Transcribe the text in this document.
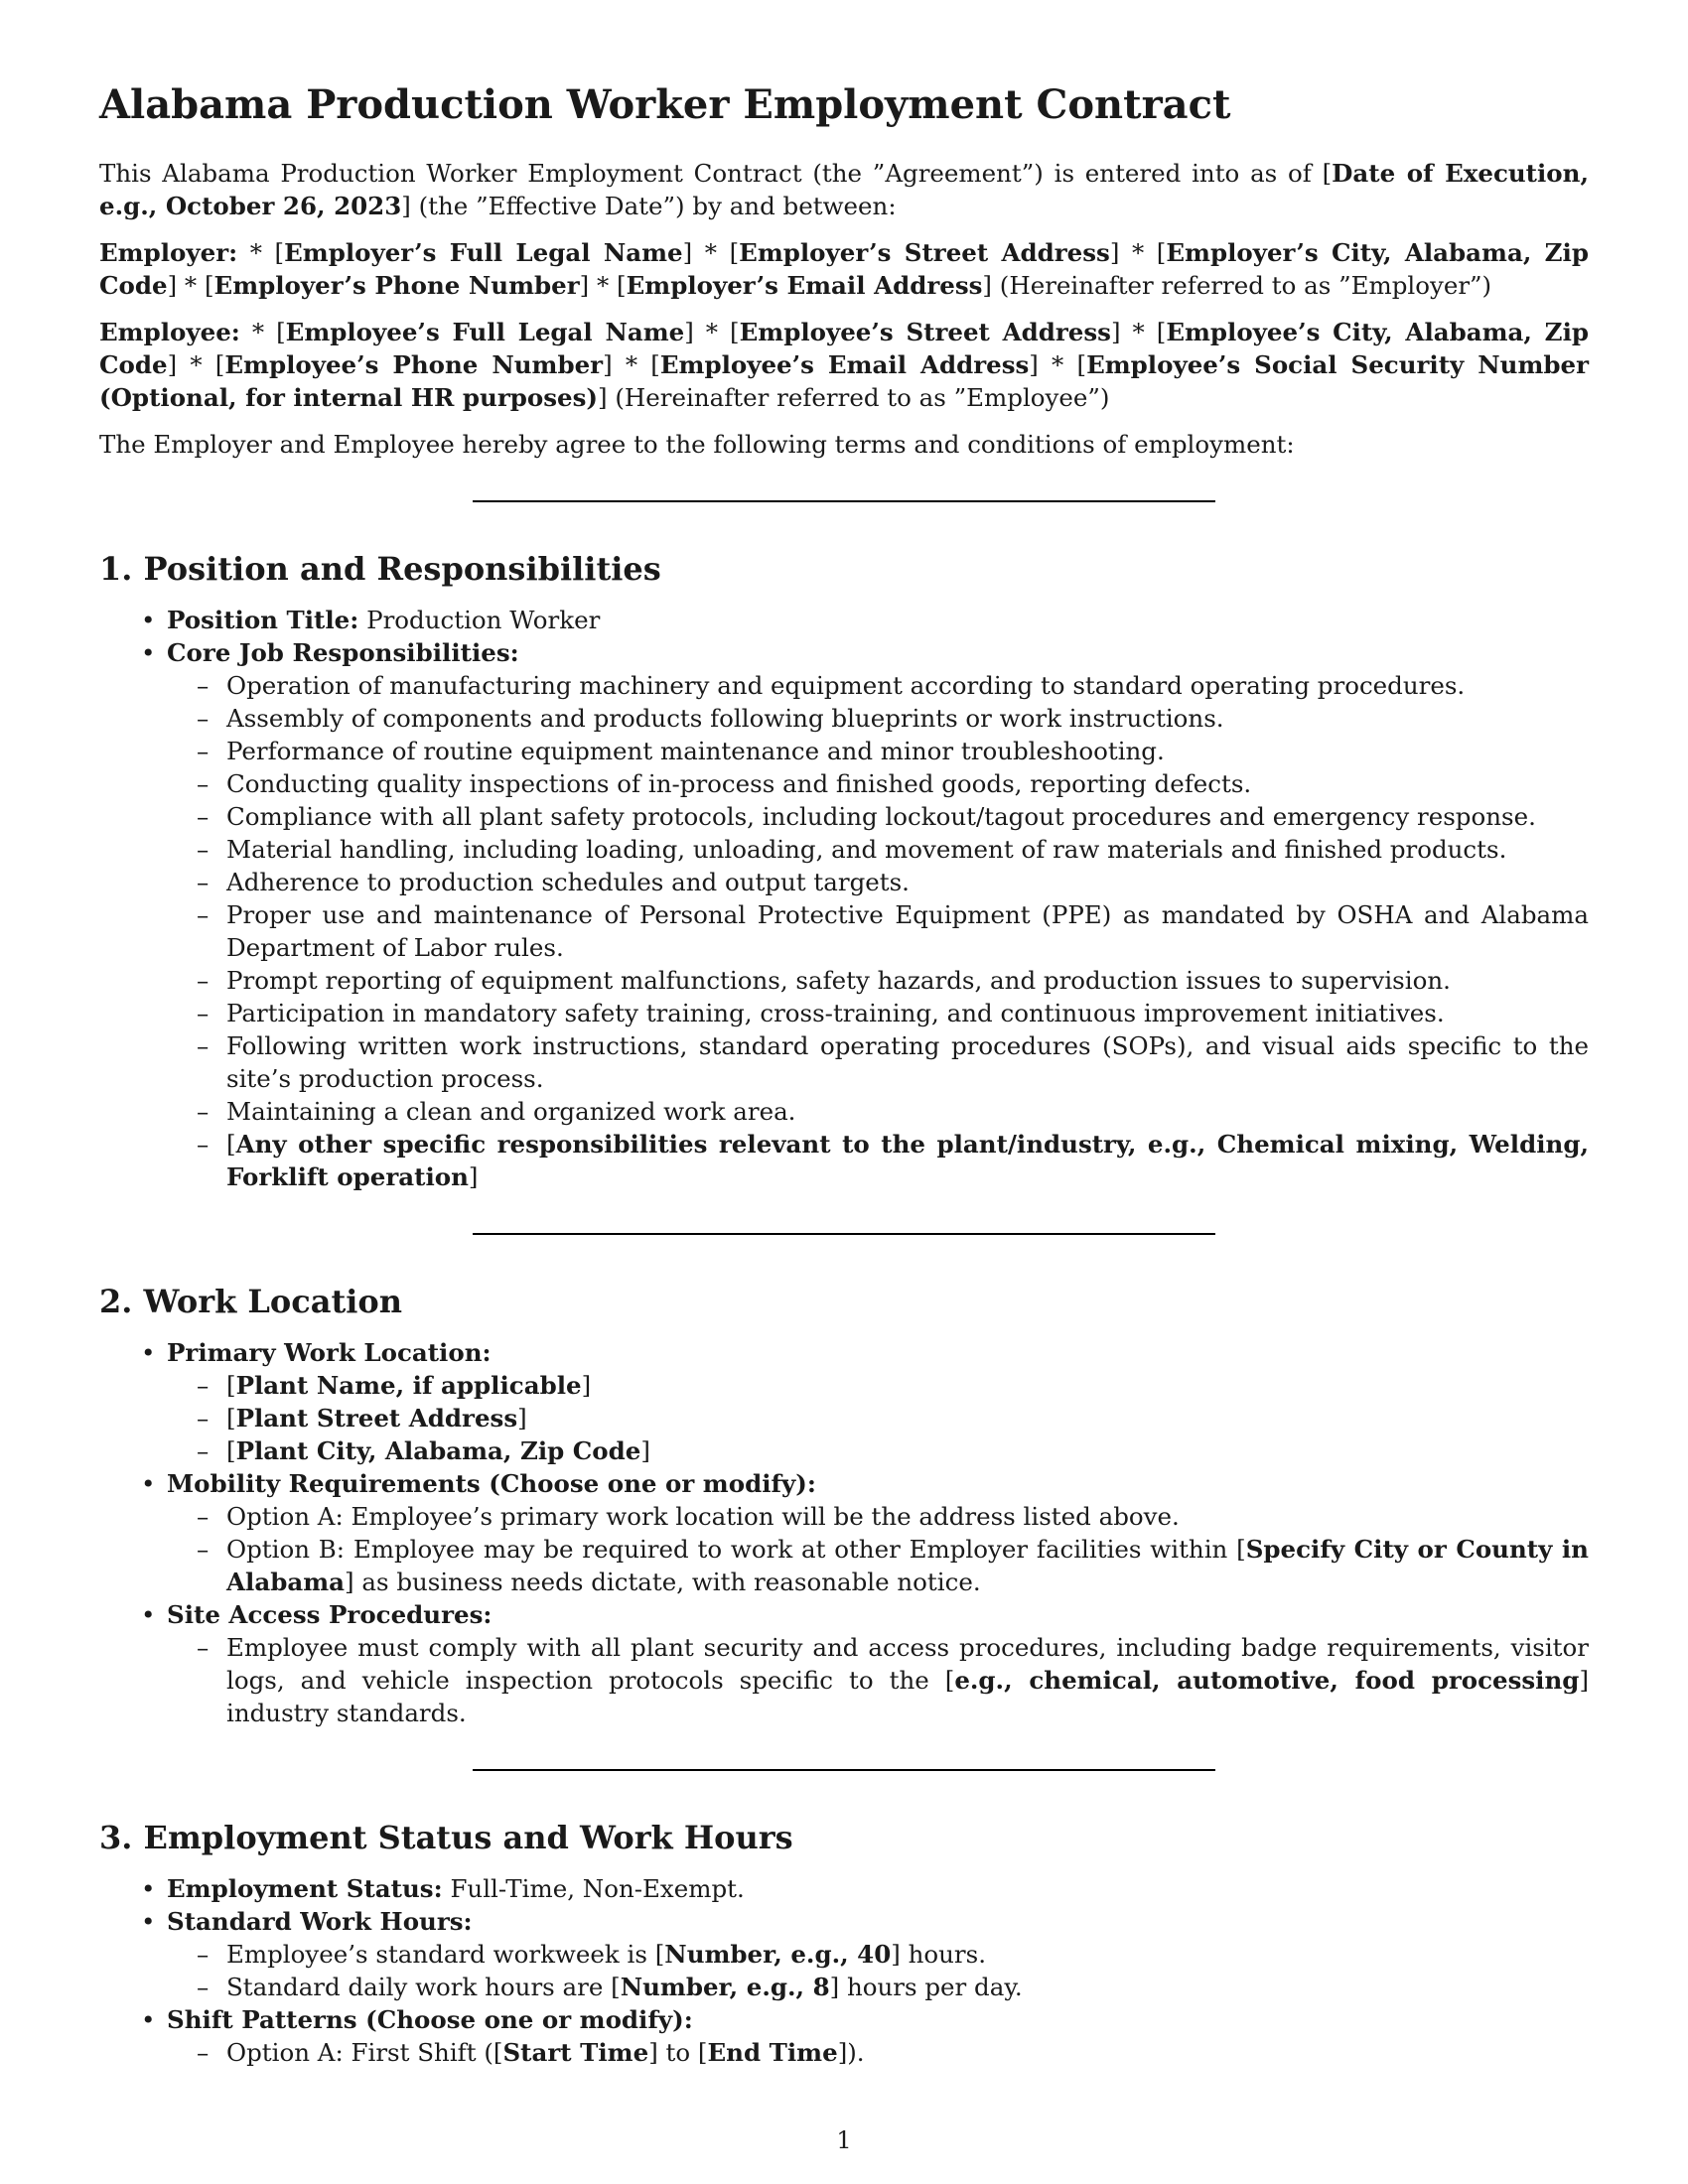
Alabama Production Worker Employment Contract

This Alabama Production Worker Employment Contract (the ”Agreement”) is entered into as of [Date of Execution, e.g., October 26, 2023] (the ”Effective Date”) by and between:

Employer: * [Employer’s Full Legal Name] * [Employer’s Street Address] * [Employer’s City, Alabama, Zip Code] * [Employer’s Phone Number] * [Employer’s Email Address] (Hereinafter referred to as ”Employer”)

Employee: * [Employee’s Full Legal Name] * [Employee’s Street Address] * [Employee’s City, Alabama, Zip Code] * [Employee’s Phone Number] * [Employee’s Email Address] * [Employee’s Social Security Number (Optional, for internal HR purposes)] (Hereinafter referred to as ”Employee”)

The Employer and Employee hereby agree to the following terms and conditions of employment:

1. Position and Responsibilities
• Position Title: Production Worker
• Core Job Responsibilities:
– Operation of manufacturing machinery and equipment according to standard operating procedures.
– Assembly of components and products following blueprints or work instructions.
– Performance of routine equipment maintenance and minor troubleshooting.
– Conducting quality inspections of in-process and finished goods, reporting defects.
– Compliance with all plant safety protocols, including lockout/tagout procedures and emergency response.
– Material handling, including loading, unloading, and movement of raw materials and finished products.
– Adherence to production schedules and output targets.
– Proper use and maintenance of Personal Protective Equipment (PPE) as mandated by OSHA and Alabama Department of Labor rules.
– Prompt reporting of equipment malfunctions, safety hazards, and production issues to supervision.
– Participation in mandatory safety training, cross-training, and continuous improvement initiatives.
– Following written work instructions, standard operating procedures (SOPs), and visual aids specific to the site’s production process.
– Maintaining a clean and organized work area.
– [Any other specific responsibilities relevant to the plant/industry, e.g., Chemical mixing, Welding, Forklift operation]
2. Work Location
• Primary Work Location:
– [Plant Name, if applicable]
– [Plant Street Address]
– [Plant City, Alabama, Zip Code]
• Mobility Requirements (Choose one or modify):
– Option A: Employee’s primary work location will be the address listed above.
– Option B: Employee may be required to work at other Employer facilities within [Specify City or County in Alabama] as business needs dictate, with reasonable notice.
• Site Access Procedures:
– Employee must comply with all plant security and access procedures, including badge requirements, visitor logs, and vehicle inspection protocols specific to the [e.g., chemical, automotive, food processing] industry standards.
3. Employment Status and Work Hours
• Employment Status: Full-Time, Non-Exempt.
• Standard Work Hours:
– Employee’s standard workweek is [Number, e.g., 40] hours.
– Standard daily work hours are [Number, e.g., 8] hours per day.
• Shift Patterns (Choose one or modify):
– Option A: First Shift ([Start Time] to [End Time]).
1
